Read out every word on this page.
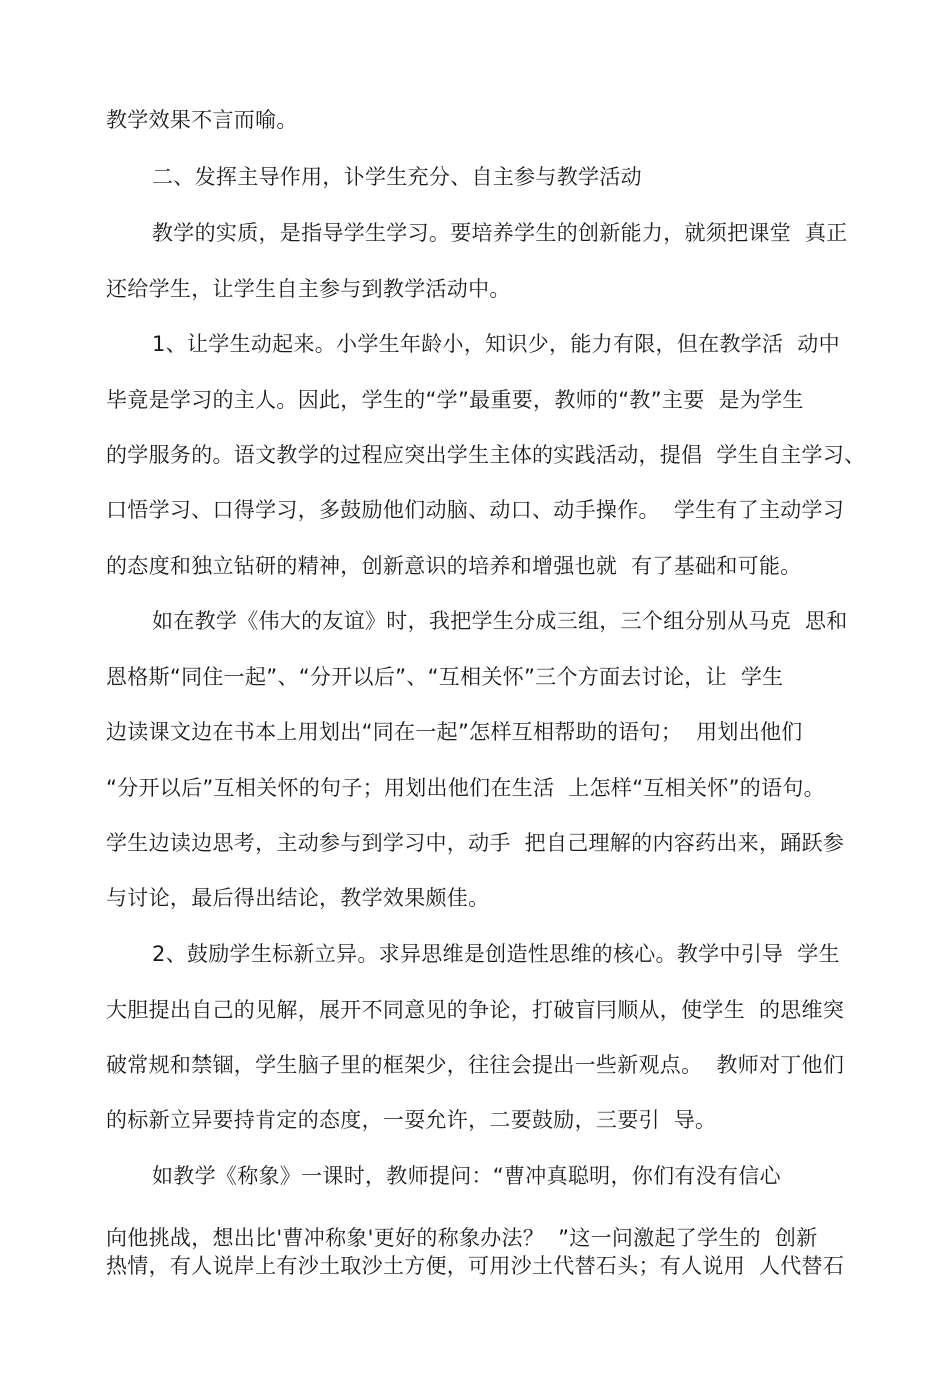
教学效果不言而喻。

二、发挥主导作用，讣学生充分、自主参与教学活动

教学的实质，是指导学生学习。要培养学生的创新能力，就须把课堂  真正

还给学生，让学生自主参与到教学活动中。

1、让学生动起来。小学生年龄小，知识少，能力有限，但在教学活  动中

毕竟是学习的主人。因此，学生的“学”最重要，教师的“教”主要  是为学生

的学服务的。语文教学的过程应突出学生主体的实践活动，提倡  学生自主学习、

口悟学习、口得学习，多鼓励他们动脑、动口、动手操作。  学生有了主动学习

的态度和独立钻研的精神，创新意识的培养和增强也就  有了基础和可能。

如在教学《伟大的友谊》时，我把学生分成三组，三个组分别从马克  思和

恩格斯“同住一起”、“分开以后”、“互相关怀”三个方面去讨论，让  学生

边读课文边在书本上用划出“同在一起”怎样互相帮助的语句；  用划出他们

“分开以后”互相关怀的句子；用划出他们在生活  上怎样“互相关怀”的语句。

学生边读边思考，主动参与到学习中，动手  把自己理解的内容药出来，踊跃参

与讨论，最后得出结论，教学效果颇佳。

2、鼓励学生标新立异。求异思维是创造性思维的核心。教学中引导  学生

大胆提出自己的见解，展开不同意见的争论，打破盲冃顺从，使学生  的思维突

破常规和禁锢，学生脑子里的框架少，往往会提出一些新观点。  教师对丁他们

的标新立异要持肯定的态度，一耍允许，二要鼓励，三要引  导。

如教学《称象》一课时，教师提问：“曹冲真聪明，你们有没有信心

向他挑战，想出比'曹冲称象'更好的称象办法？  ”这一问激起了学生的  创新

热情，有人说岸上有沙土取沙土方便，可用沙土代替石头；有人说用  人代替石
